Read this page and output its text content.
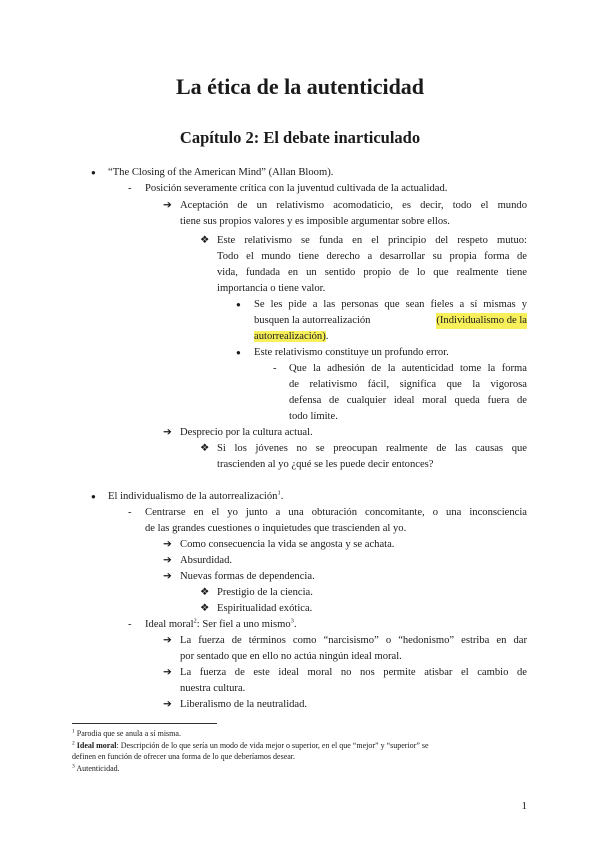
La ética de la autenticidad
Capítulo 2: El debate inarticulado
● “The Closing of the American Mind” (Allan Bloom).
- Posición severamente crítica con la juventud cultivada de la actualidad.
➔ Aceptación de un relativismo acomodaticio, es decir, todo el mundo
tiene sus propios valores y es imposible argumentar sobre ellos.
❖ Este relativismo se funda en el principio del respeto mutuo:
Todo el mundo tiene derecho a desarrollar su propia forma de
vida, fundada en un sentido propio de lo que realmente tiene
importancia o tiene valor.
● Se les pide a las personas que sean fieles a sí mismas y
busquen la autorrealización	(Individualismo de la
autorrealización).
● Este relativismo constituye un profundo error.
- Que la adhesión de la autenticidad tome la forma
de relativismo fácil, significa que la vigorosa
defensa de cualquier ideal moral queda fuera de
todo límite.
➔ Desprecio por la cultura actual.
❖ Si los jóvenes no se preocupan realmente de las causas que
trascienden al yo ¿qué se les puede decir entonces?
● El individualismo de la autorrealización$^1$.
- Centrarse en el yo junto a una obturación concomitante, o una inconsciencia
de las grandes cuestiones o inquietudes que trascienden al yo.
➔ Como consecuencia la vida se angosta y se achata.
➔ Absurdidad.
➔ Nuevas formas de dependencia.
❖ Prestigio de la ciencia.
❖ Espiritualidad exótica.
- Ideal moral$^2$: Ser fiel a uno mismo$^3$.
➔ La fuerza de términos como “narcisismo” o “hedonismo” estriba en dar
por sentado que en ello no actúa ningún ideal moral.
➔ La fuerza de este ideal moral no nos permite atisbar el cambio de
nuestra cultura.
➔ Liberalismo de la neutralidad.
$^1$ Parodia que se anula a sí misma.
$^2$ Ideal moral: Descripción de lo que sería un modo de vida mejor o superior, en el que “mejor” y “superior” se
definen en función de ofrecer una forma de lo que deberíamos desear.
$^3$ Autenticidad.
1
